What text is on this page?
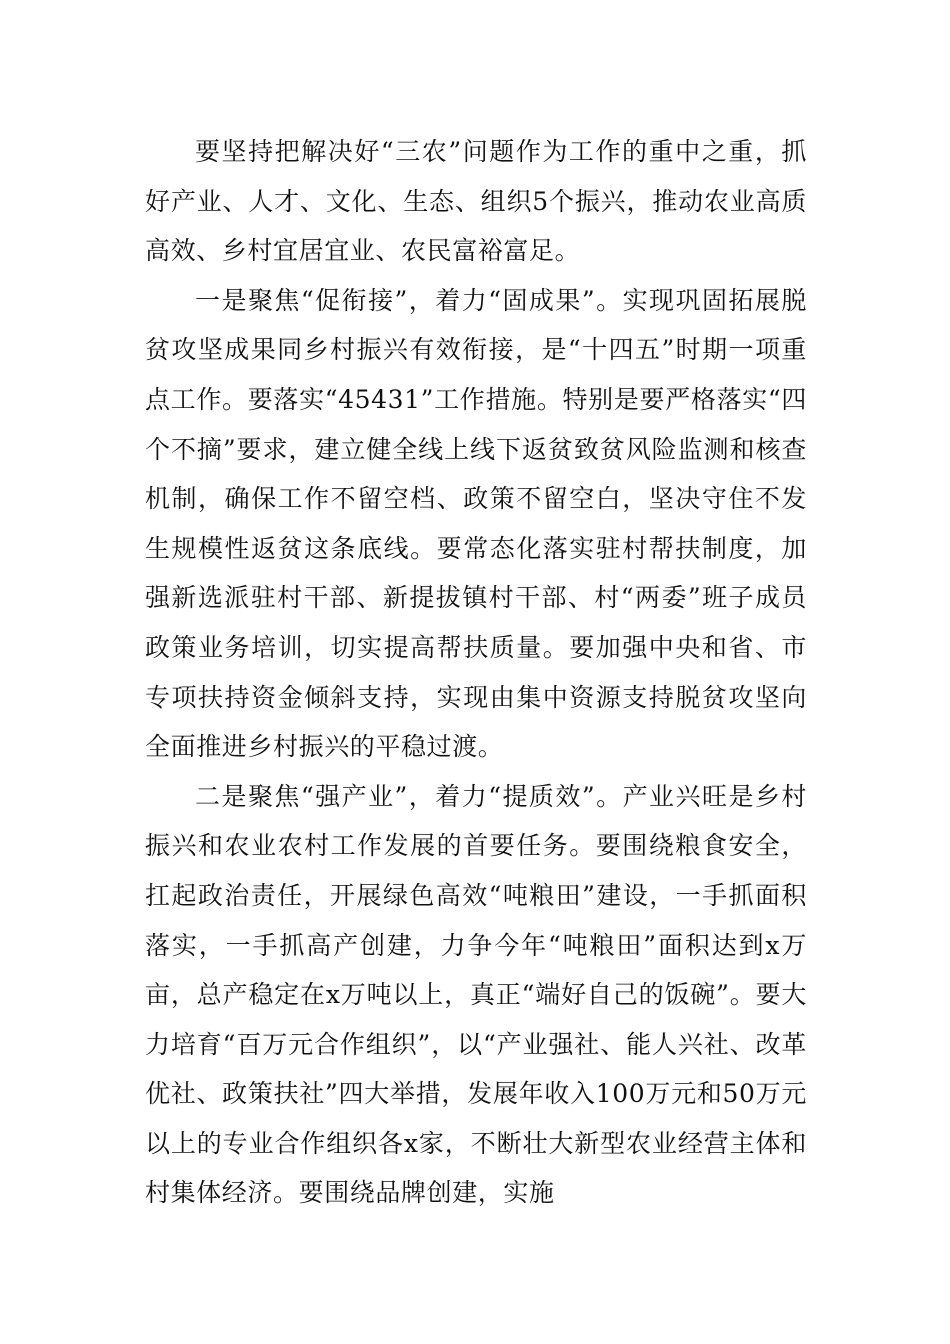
要坚持把解决好“三农”问题作为工作的重中之重，抓好产业、人才、文化、生态、组织5个振兴，推动农业高质高效、乡村宜居宜业、农民富裕富足。

一是聚焦“促衔接”，着力“固成果”。实现巩固拓展脱贫攻坚成果同乡村振兴有效衔接，是“十四五”时期一项重点工作。要落实“45431”工作措施。特别是要严格落实“四个不摘”要求，建立健全线上线下返贫致贫风险监测和核查机制，确保工作不留空档、政策不留空白，坚决守住不发生规模性返贫这条底线。要常态化落实驻村帮扶制度，加强新选派驻村干部、新提拔镇村干部、村“两委”班子成员政策业务培训，切实提高帮扶质量。要加强中央和省、市专项扶持资金倾斜支持，实现由集中资源支持脱贫攻坚向全面推进乡村振兴的平稳过渡。

二是聚焦“强产业”，着力“提质效”。产业兴旺是乡村振兴和农业农村工作发展的首要任务。要围绕粮食安全，扛起政治责任，开展绿色高效“吨粮田”建设，一手抓面积落实，一手抓高产创建，力争今年“吨粮田”面积达到x万亩，总产稳定在x万吨以上，真正“端好自己的饭碗”。要大力培育“百万元合作组织”，以“产业强社、能人兴社、改革优社、政策扶社”四大举措，发展年收入100万元和50万元以上的专业合作组织各x家，不断壮大新型农业经营主体和村集体经济。要围绕品牌创建，实施
